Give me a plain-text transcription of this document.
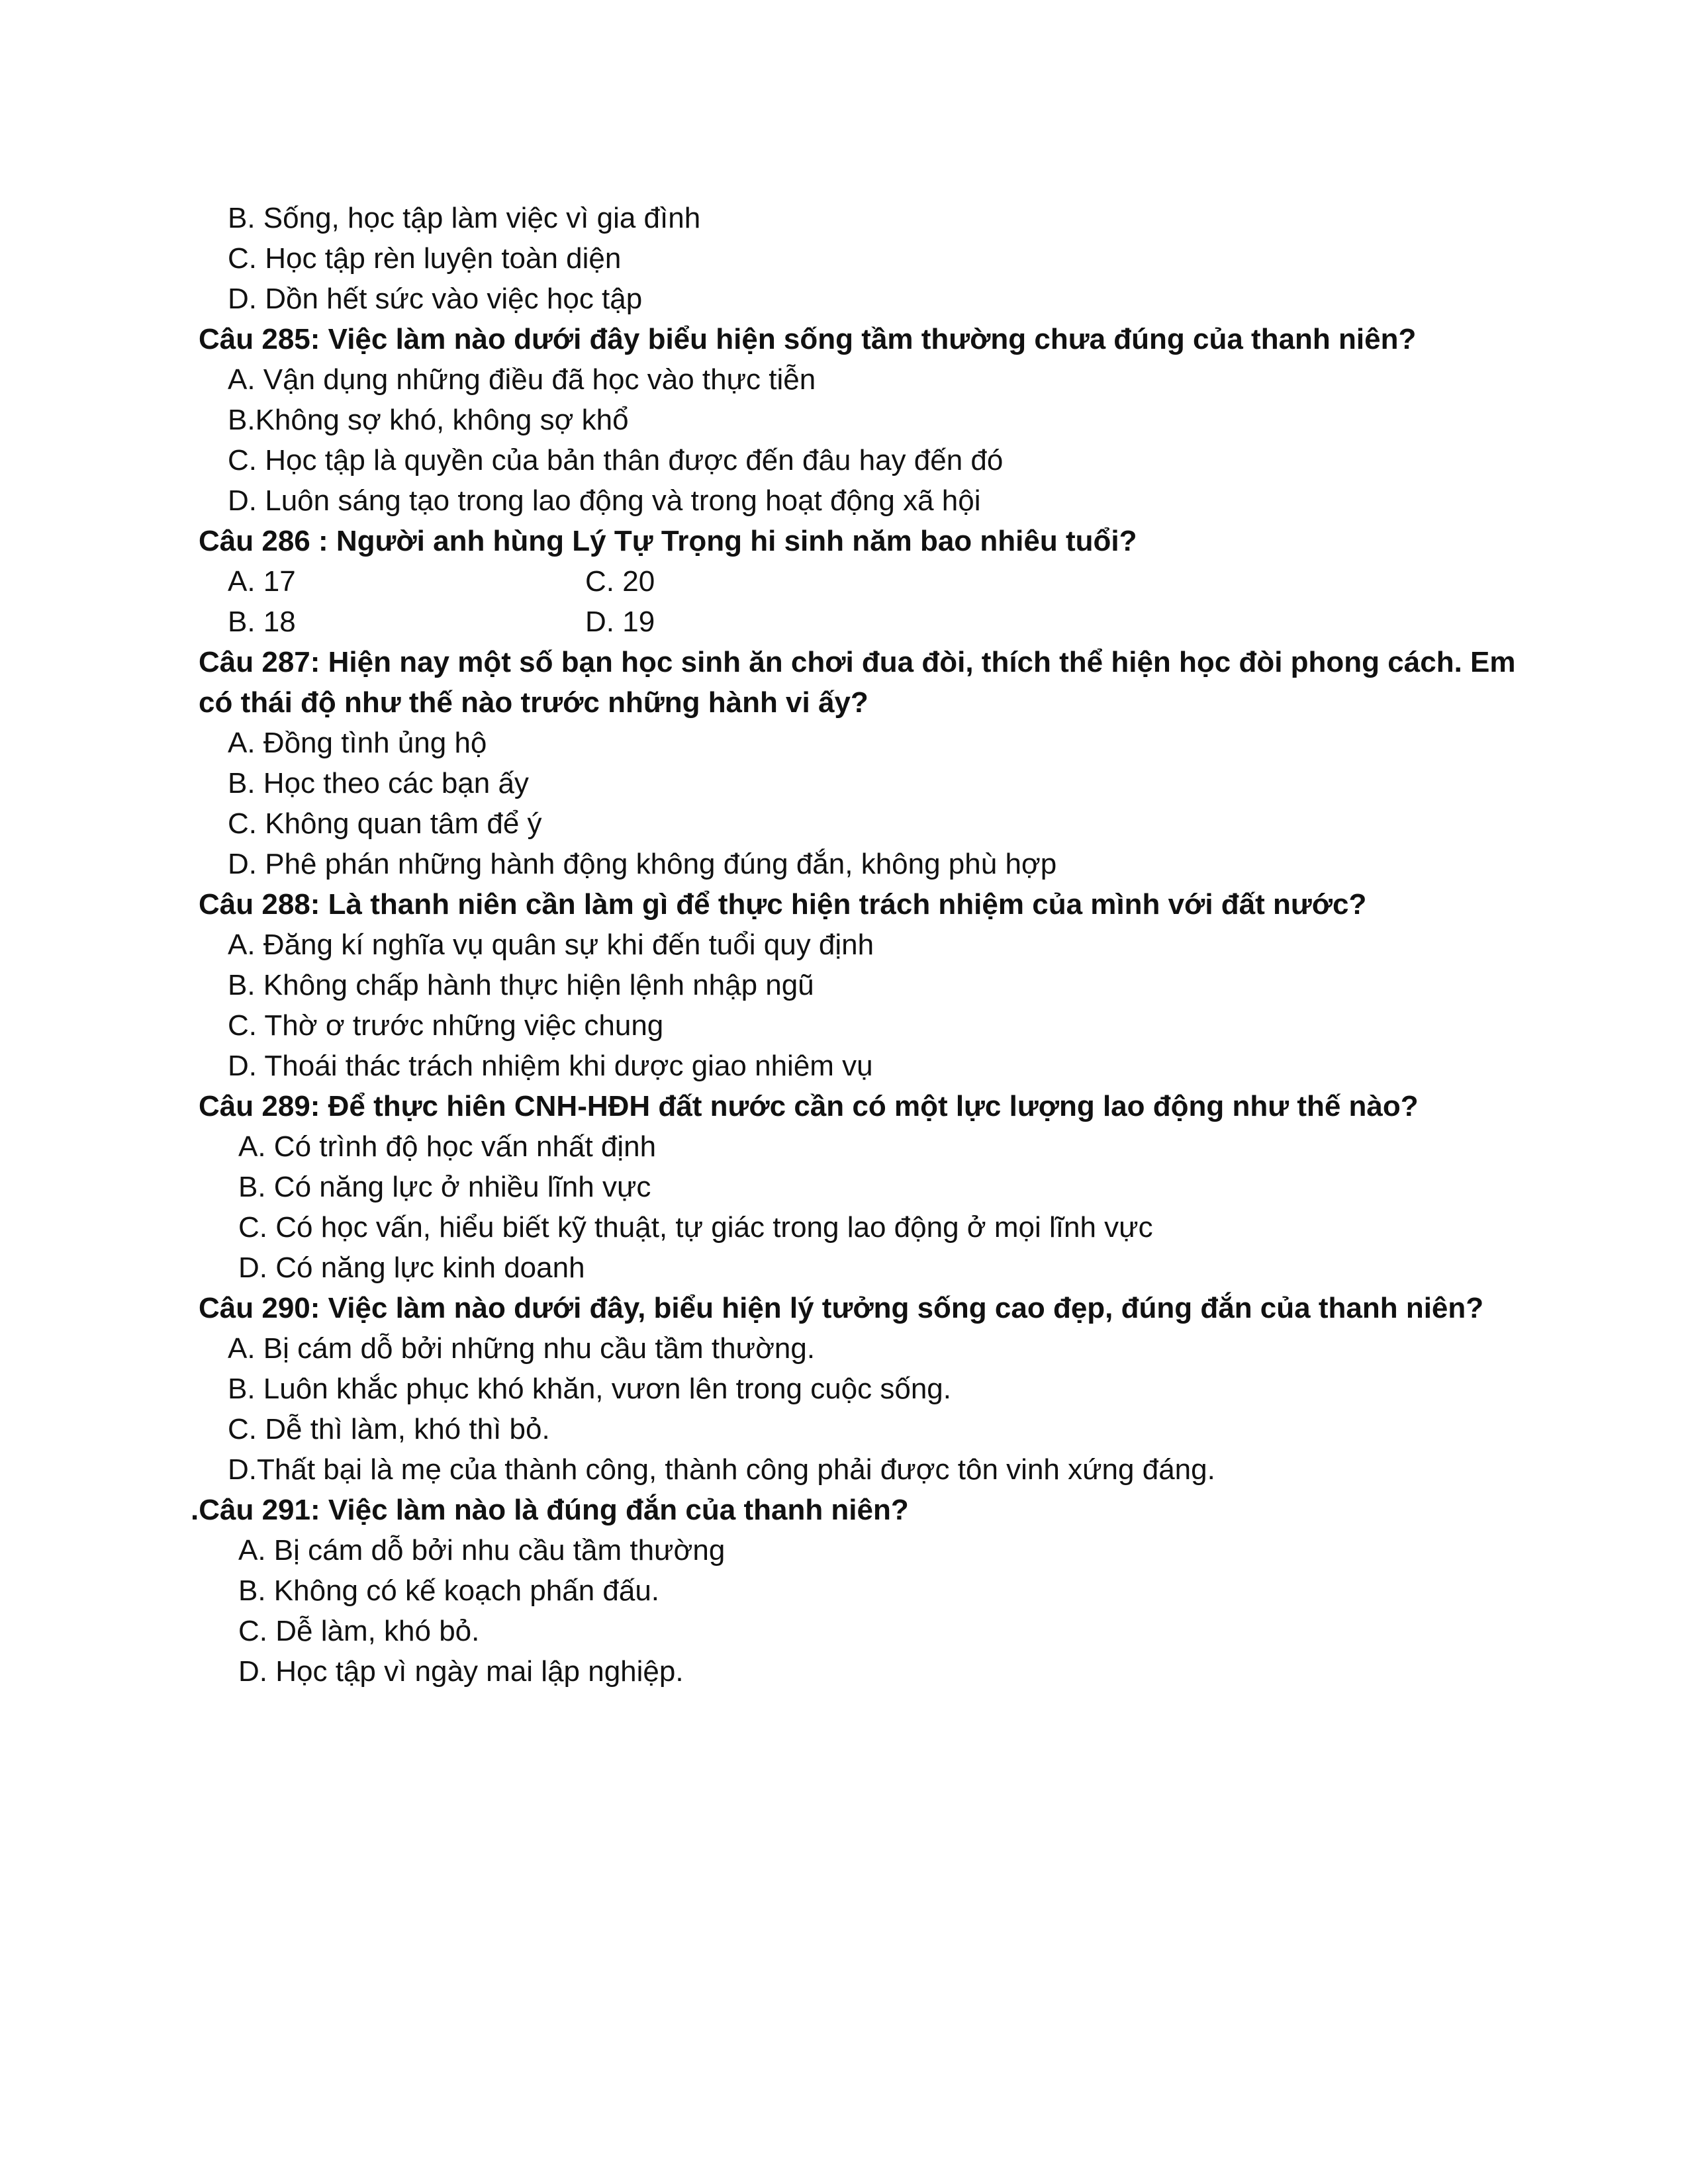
B. Sống, học tập làm việc vì gia đình
C. Học tập rèn luyện toàn diện
D. Dồn hết sức vào việc học tập
Câu 285: Việc làm nào dưới đây biểu hiện sống tầm thường chưa đúng của thanh niên?
A. Vận dụng những điều đã học vào thực tiễn
B.Không sợ khó, không sợ khổ
C. Học tập là quyền của bản thân được đến đâu hay đến đó
D. Luôn sáng tạo trong lao động và trong hoạt động xã hội
Câu 286 : Người anh hùng Lý Tự Trọng hi sinh năm bao nhiêu tuổi?
A. 17	C. 20
B. 18	D. 19
Câu 287: Hiện nay một số bạn học sinh ăn chơi đua đòi, thích thể hiện học đòi phong cách. Em
có thái độ như thế nào trước những hành vi ấy?
A. Đồng tình ủng hộ
B. Học theo các bạn ấy
C. Không quan tâm để ý
D. Phê phán những hành động không đúng đắn, không phù hợp
Câu 288: Là thanh niên cần làm gì để thực hiện trách nhiệm của mình với đất nước?
A. Đăng kí nghĩa vụ quân sự khi đến tuổi quy định
B. Không chấp hành thực hiện lệnh nhập ngũ
C. Thờ ơ trước những việc chung
D. Thoái thác trách nhiệm khi dược giao nhiêm vụ
Câu 289: Để thực hiên CNH-HĐH đất nước cần có một lực lượng lao động như thế nào?
A. Có trình độ học vấn nhất định
B. Có năng lực ở nhiều lĩnh vực
C. Có học vấn, hiểu biết kỹ thuật, tự giác trong lao động ở mọi lĩnh vực
D. Có năng lực kinh doanh
Câu 290: Việc làm nào dưới đây, biểu hiện lý tưởng sống cao đẹp, đúng đắn của thanh niên?
A. Bị cám dỗ bởi những nhu cầu tầm thường.
B. Luôn khắc phục khó khăn, vươn lên trong cuộc sống.
C. Dễ thì làm, khó thì bỏ.
D.Thất bại là mẹ của thành công, thành công phải được tôn vinh xứng đáng.
.Câu 291: Việc làm nào là đúng đắn của thanh niên?
A. Bị cám dỗ bởi nhu cầu tầm thường
B. Không có kế koạch phấn đấu.
C. Dễ làm, khó bỏ.
D. Học tập vì ngày mai lập nghiệp.
